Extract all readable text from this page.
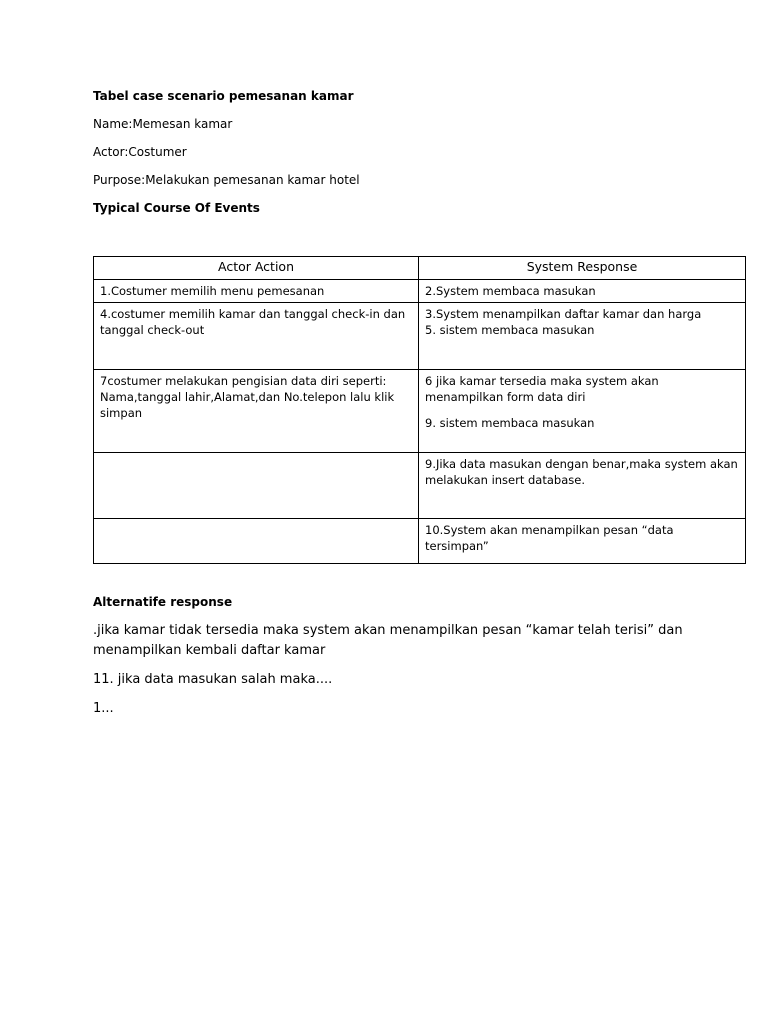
Tabel case scenario pemesanan kamar

Name:Memesan kamar

Actor:Costumer

Purpose:Melakukan pemesanan kamar hotel

Typical Course Of Events

Actor Action	System Response

1.Costumer memilih menu pemesanan	2.System membaca masukan

4.costumer memilih kamar dan tanggal check-in dan tanggal check-out	3.System menampilkan daftar kamar dan harga
5. sistem membaca masukan

7costumer melakukan pengisian data diri seperti: Nama,tanggal lahir,Alamat,dan No.telepon lalu klik simpan	6 jika kamar tersedia maka system akan menampilkan form data diri
9. sistem membaca masukan

	9.Jika data masukan dengan benar,maka system akan melakukan insert database.

	10.System akan menampilkan pesan “data tersimpan”

Alternatife response

.jika kamar tidak tersedia maka system akan menampilkan pesan “kamar telah terisi” dan menampilkan kembali daftar kamar

11. jika data masukan salah maka....

1...
